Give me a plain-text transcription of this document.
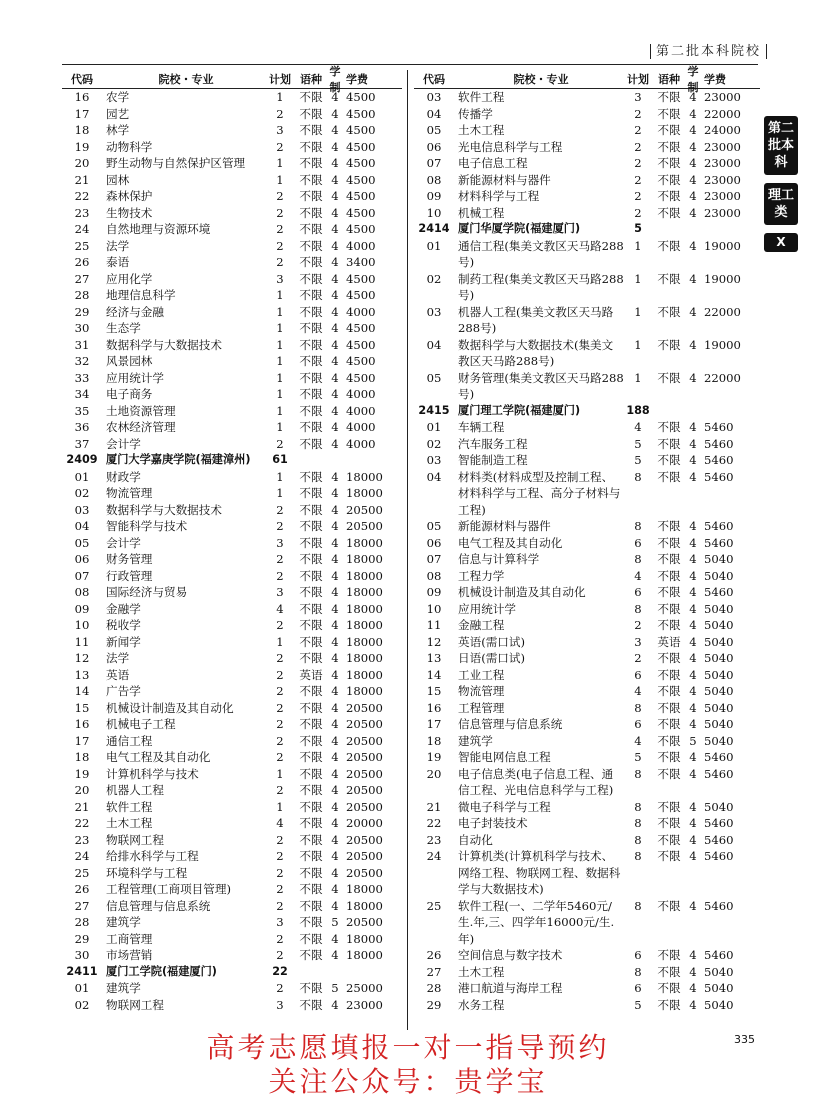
第二批本科院校
代码	院校・专业	计划 语种
学制
学费
16	农学	1	不限 4 4500
17	园艺	2	不限 4 4500
18	林学	3	不限 4 4500
19	动物科学	2	不限 4 4500
20	野生动物与自然保护区管理	1	不限 4 4500
21	园林	1	不限 4 4500
22	森林保护	2	不限 4 4500
23	生物技术	2	不限 4 4500
24	自然地理与资源环境	2	不限 4 4500
25	法学	2	不限 4 4000
26	泰语	2	不限 4 3400
27	应用化学	3	不限 4 4500
28	地理信息科学	1	不限 4 4500
29	经济与金融	1	不限 4 4000
30	生态学	1	不限 4 4500
31	数据科学与大数据技术	1	不限 4 4500
32	风景园林	1	不限 4 4500
33	应用统计学	1	不限 4 4500
34	电子商务	1	不限 4 4000
35	土地资源管理	1	不限 4 4000
36	农林经济管理	1	不限 4 4000
37	会计学	2	不限 4 4000
2409 厦门大学嘉庚学院(福建漳州)	61
01	财政学	1	不限 4 18000
02	物流管理	1	不限 4 18000
03	数据科学与大数据技术	2	不限 4 20500
04	智能科学与技术	2	不限 4 20500
05	会计学	3	不限 4 18000
06	财务管理	2	不限 4 18000
07	行政管理	2	不限 4 18000
08	国际经济与贸易	3	不限 4 18000
09	金融学	4	不限 4 18000
10	税收学	2	不限 4 18000
11	新闻学	1	不限 4 18000
12	法学	2	不限 4 18000
13	英语	2	英语 4 18000
14	广告学	2	不限 4 18000
15	机械设计制造及其自动化	2	不限 4 20500
16	机械电子工程	2	不限 4 20500
17	通信工程	2	不限 4 20500
18	电气工程及其自动化	2	不限 4 20500
19	计算机科学与技术	1	不限 4 20500
20	机器人工程	2	不限 4 20500
21	软件工程	1	不限 4 20500
22	土木工程	4	不限 4 20000
23	物联网工程	2	不限 4 20500
24	给排水科学与工程	2	不限 4 20500
25	环境科学与工程	2	不限 4 20500
26	工程管理(工商项目管理)	2	不限 4 18000
27	信息管理与信息系统	2	不限 4 18000
28	建筑学	3	不限 5 20500
29	工商管理	2	不限 4 18000
30	市场营销	2	不限 4 18000
2411 厦门工学院(福建厦门)	22
01	建筑学	2	不限 5 25000
02	物联网工程	3	不限 4 23000
代码	院校・专业	计划 语种
学制
学费
03	软件工程	3	不限 4 23000
04	传播学	2	不限 4 22000
05	土木工程	2	不限 4 24000
06	光电信息科学与工程	2	不限 4 23000
07	电子信息工程	2	不限 4 23000
08	新能源材料与器件	2	不限 4 23000
09	材料科学与工程	2	不限 4 23000
10	机械工程	2	不限 4 23000
2414 厦门华厦学院(福建厦门)	5
01	通信工程(集美文教区天马路288号)
1	不限 4 19000
02	制药工程(集美文教区天马路288号)
1	不限 4 19000
03	机器人工程(集美文教区天马路288号)
1	不限 4 22000
04	数据科学与大数据技术(集美文教区天马路288号)
1	不限 4 19000
05	财务管理(集美文教区天马路288号)
1	不限 4 22000
2415 厦门理工学院(福建厦门)	188
01	车辆工程	4	不限 4 5460
02	汽车服务工程	5	不限 4 5460
03	智能制造工程	5	不限 4 5460
04	材料类(材料成型及控制工程、材料科学与工程、高分子材料与工程)
8	不限 4 5460
05	新能源材料与器件	8	不限 4 5460
06	电气工程及其自动化	6	不限 4 5460
07	信息与计算科学	8	不限 4 5040
08	工程力学	4	不限 4 5040
09	机械设计制造及其自动化	6	不限 4 5460
10	应用统计学	8	不限 4 5040
11	金融工程	2	不限 4 5040
12	英语(需口试)	3	英语 4 5040
13	日语(需口试)	2	不限 4 5040
14	工业工程	6	不限 4 5040
15	物流管理	4	不限 4 5040
16	工程管理	8	不限 4 5040
17	信息管理与信息系统	6	不限 4 5040
18	建筑学	4	不限 5 5040
19	智能电网信息工程	5	不限 4 5460
20	电子信息类(电子信息工程、通信工程、光电信息科学与工程)
8	不限 4 5460
21	微电子科学与工程	8	不限 4 5040
22	电子封装技术	8	不限 4 5460
23	自动化	8	不限 4 5460
24	计算机类(计算机科学与技术、网络工程、物联网工程、数据科学与大数据技术)
8	不限 4 5460
25	软件工程(一、二学年5460元/生.年,三、四学年16000元/生.年)
8	不限 4 5460
26	空间信息与数字技术	6	不限 4 5460
27	土木工程	8	不限 4 5040
28	港口航道与海岸工程	6	不限 4 5040
29	水务工程	5	不限 4 5040
第二批本科
理工类
X
335
高考志愿填报一对一指导预约
关注公众号：贵学宝
